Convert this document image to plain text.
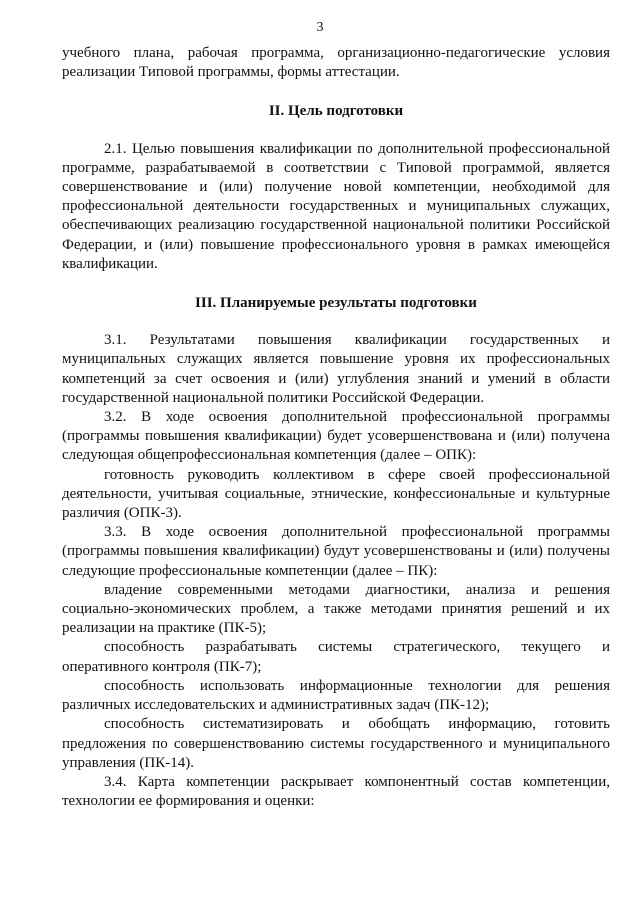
3

учебного плана, рабочая программа, организационно-педагогические условия реализации Типовой программы, формы аттестации.

II. Цель подготовки

2.1. Целью повышения квалификации по дополнительной профессиональной программе, разрабатываемой в соответствии с Типовой программой, является совершенствование и (или) получение новой компетенции, необходимой для профессиональной деятельности государственных и муниципальных служащих, обеспечивающих реализацию государственной национальной политики Российской Федерации, и (или) повышение профессионального уровня в рамках имеющейся квалификации.

III. Планируемые результаты подготовки

3.1. Результатами повышения квалификации государственных и муниципальных служащих является повышение уровня их профессиональных компетенций за счет освоения и (или) углубления знаний и умений в области государственной национальной политики Российской Федерации.

3.2. В ходе освоения дополнительной профессиональной программы (программы повышения квалификации) будет усовершенствована и (или) получена следующая общепрофессиональная компетенция (далее – ОПК):

готовность руководить коллективом в сфере своей профессиональной деятельности, учитывая социальные, этнические, конфессиональные и культурные различия (ОПК-3).

3.3. В ходе освоения дополнительной профессиональной программы (программы повышения квалификации) будут усовершенствованы и (или) получены следующие профессиональные компетенции (далее – ПК):

владение современными методами диагностики, анализа и решения социально-экономических проблем, а также методами принятия решений и их реализации на практике (ПК-5);

способность разрабатывать системы стратегического, текущего и оперативного контроля (ПК-7);

способность использовать информационные технологии для решения различных исследовательских и административных задач (ПК-12);

способность систематизировать и обобщать информацию, готовить предложения по совершенствованию системы государственного и муниципального управления (ПК-14).

3.4. Карта компетенции раскрывает компонентный состав компетенции, технологии ее формирования и оценки:
